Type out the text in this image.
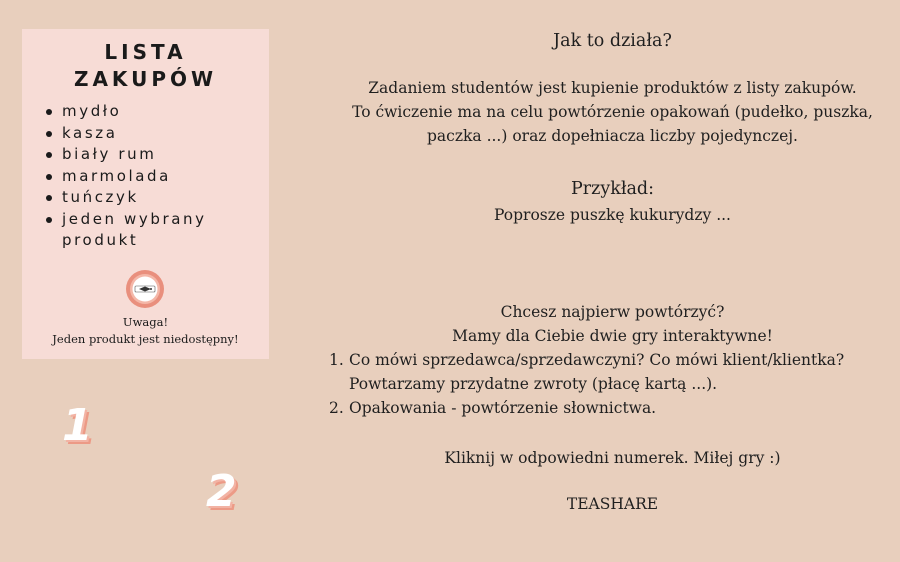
LISTA
ZAKUPÓW
mydło
kasza
biały rum
marmolada
tuńczyk
jeden wybrany produkt
Uwaga!
Jeden produkt jest niedostępny!
1
2
Jak to działa?
Zadaniem studentów jest kupienie produktów z listy zakupów.
To ćwiczenie ma na celu powtórzenie opakowań (pudełko, puszka,
paczka ...) oraz dopełniacza liczby pojedynczej.
Przykład:
Poprosze puszkę kukurydzy ...
Chcesz najpierw powtórzyć?
Mamy dla Ciebie dwie gry interaktywne!
1. Co mówi sprzedawca/sprzedawczyni? Co mówi klient/klientka?
Powtarzamy przydatne zwroty (płacę kartą ...).
2. Opakowania - powtórzenie słownictwa.
Kliknij w odpowiedni numerek. Miłej gry :)
TEASHARE
